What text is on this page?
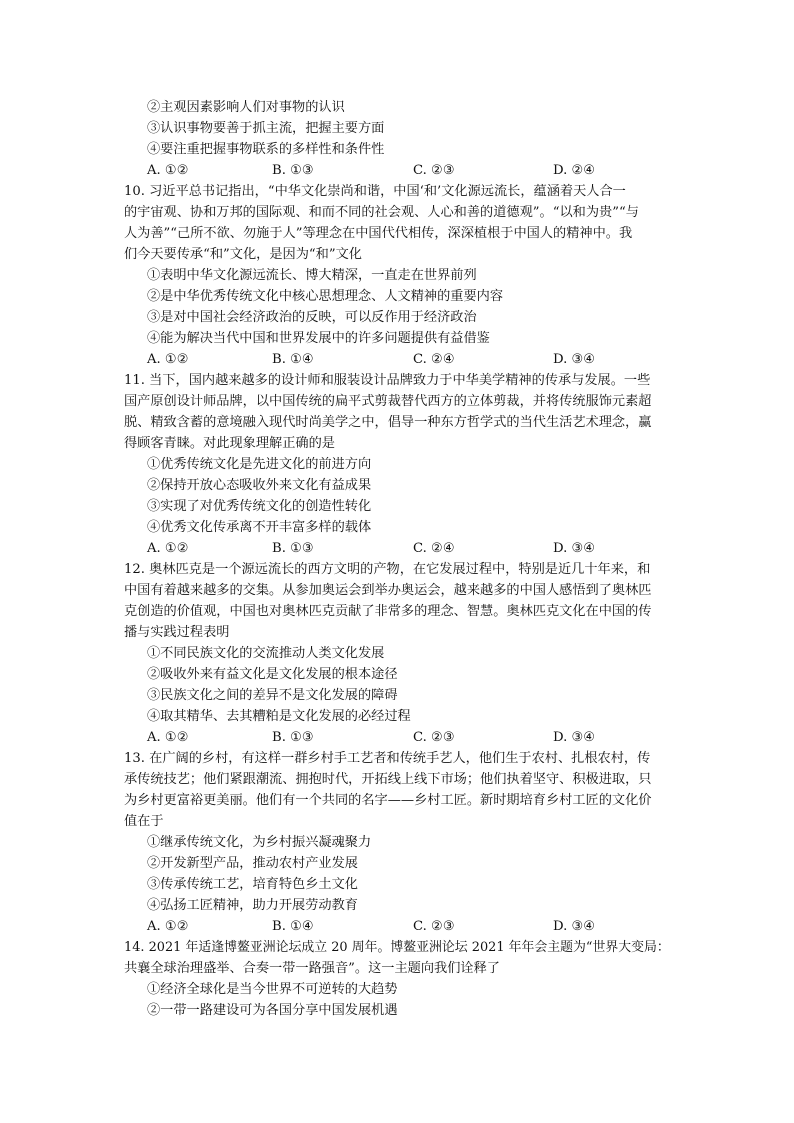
②主观因素影响人们对事物的认识
③认识事物要善于抓主流，把握主要方面
④要注重把握事物联系的多样性和条件性
A. ①②	B. ①③	C. ②③	D. ②④
10. 习近平总书记指出，“中华文化崇尚和谐，中国‘和’文化源远流长，蕴涵着天人合一
的宇宙观、协和万邦的国际观、和而不同的社会观、人心和善的道德观”。“以和为贵”“与
人为善”“己所不欲、勿施于人”等理念在中国代代相传，深深植根于中国人的精神中。我
们今天要传承“和”文化，是因为“和”文化
①表明中华文化源远流长、博大精深，一直走在世界前列
②是中华优秀传统文化中核心思想理念、人文精神的重要内容
③是对中国社会经济政治的反映，可以反作用于经济政治
④能为解决当代中国和世界发展中的许多问题提供有益借鉴
A. ①②	B. ①④	C. ②④	D. ③④
11. 当下，国内越来越多的设计师和服装设计品牌致力于中华美学精神的传承与发展。一些
国产原创设计师品牌，以中国传统的扁平式剪裁替代西方的立体剪裁，并将传统服饰元素超
脱、精致含蓄的意境融入现代时尚美学之中，倡导一种东方哲学式的当代生活艺术理念，赢
得顾客青睐。对此现象理解正确的是
①优秀传统文化是先进文化的前进方向
②保持开放心态吸收外来文化有益成果
③实现了对优秀传统文化的创造性转化
④优秀文化传承离不开丰富多样的载体
A. ①②	B. ①③	C. ②④	D. ③④
12. 奥林匹克是一个源远流长的西方文明的产物，在它发展过程中，特别是近几十年来，和
中国有着越来越多的交集。从参加奥运会到举办奥运会，越来越多的中国人感悟到了奥林匹
克创造的价值观，中国也对奥林匹克贡献了非常多的理念、智慧。奥林匹克文化在中国的传
播与实践过程表明
①不同民族文化的交流推动人类文化发展
②吸收外来有益文化是文化发展的根本途径
③民族文化之间的差异不是文化发展的障碍
④取其精华、去其糟粕是文化发展的必经过程
A. ①②	B. ①③	C. ②③	D. ③④
13. 在广阔的乡村，有这样一群乡村手工艺者和传统手艺人，他们生于农村、扎根农村，传
承传统技艺；他们紧跟潮流、拥抱时代，开拓线上线下市场；他们执着坚守、积极进取，只
为乡村更富裕更美丽。他们有一个共同的名字——乡村工匠。新时期培育乡村工匠的文化价
值在于
①继承传统文化，为乡村振兴凝魂聚力
②开发新型产品，推动农村产业发展
③传承传统工艺，培育特色乡土文化
④弘扬工匠精神，助力开展劳动教育
A. ①②	B. ①④	C. ②③	D. ③④
14. 2021 年适逢博鳌亚洲论坛成立 20 周年。博鳌亚洲论坛 2021 年年会主题为“世界大变局：
共襄全球治理盛举、合奏一带一路强音”。这一主题向我们诠释了
①经济全球化是当今世界不可逆转的大趋势
②一带一路建设可为各国分享中国发展机遇
